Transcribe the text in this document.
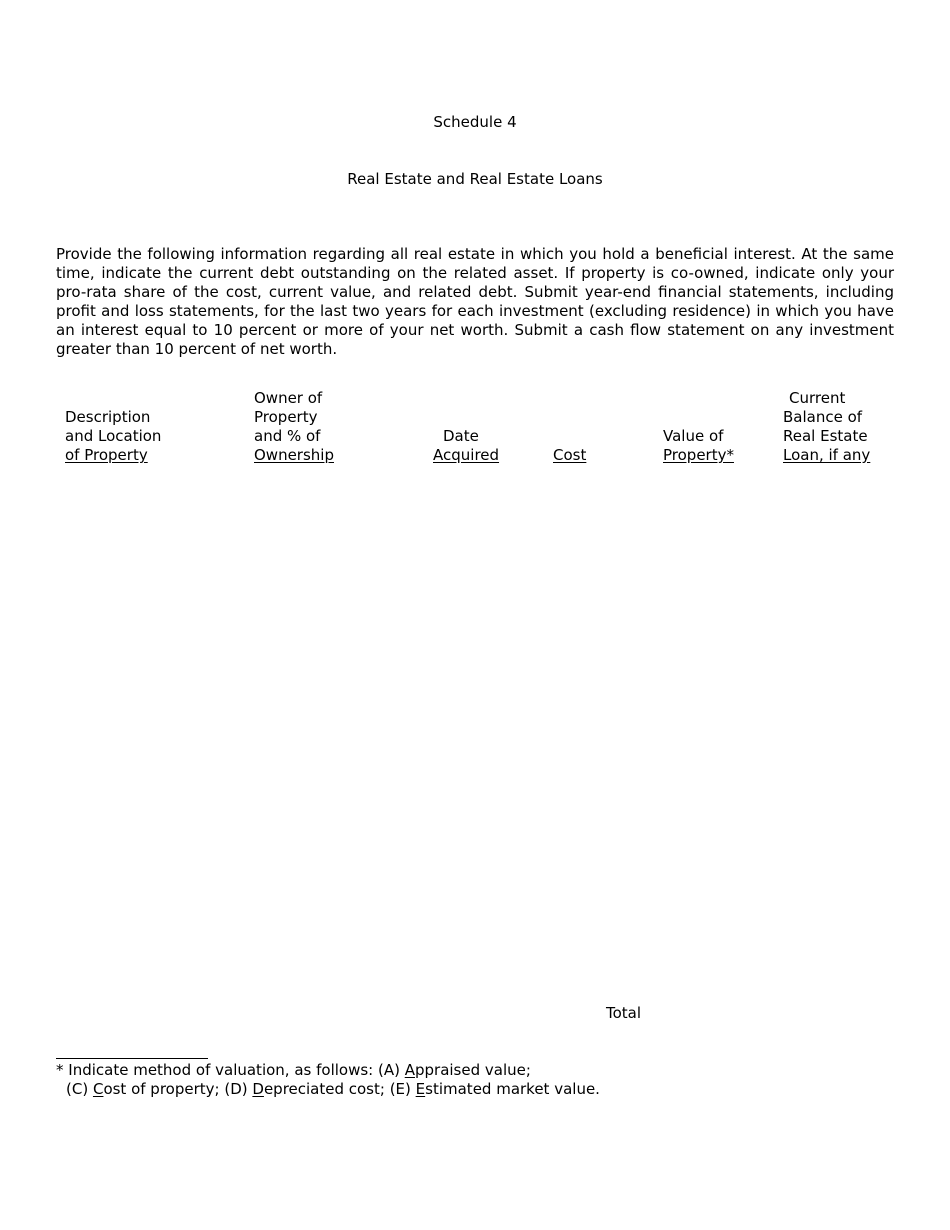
Schedule 4
Real Estate and Real Estate Loans

Provide the following information regarding all real estate in which you hold a beneficial interest. At the same time, indicate the current debt outstanding on the related asset. If property is co-owned, indicate only your pro-rata share of the cost, current value, and related debt. Submit year-end financial statements, including profit and loss statements, for the last two years for each investment (excluding residence) in which you have an interest equal to 10 percent or more of your net worth. Submit a cash flow statement on any investment greater than 10 percent of net worth.

Description
and Location
of Property
Owner of
Property
and % of
Ownership
Date
Acquired	Cost
Value of
Property*
Current
Balance of
Real Estate
Loan, if any
Total
* Indicate method of valuation, as follows: (A) Appraised value;
(C) Cost of property; (D) Depreciated cost; (E) Estimated market value.
